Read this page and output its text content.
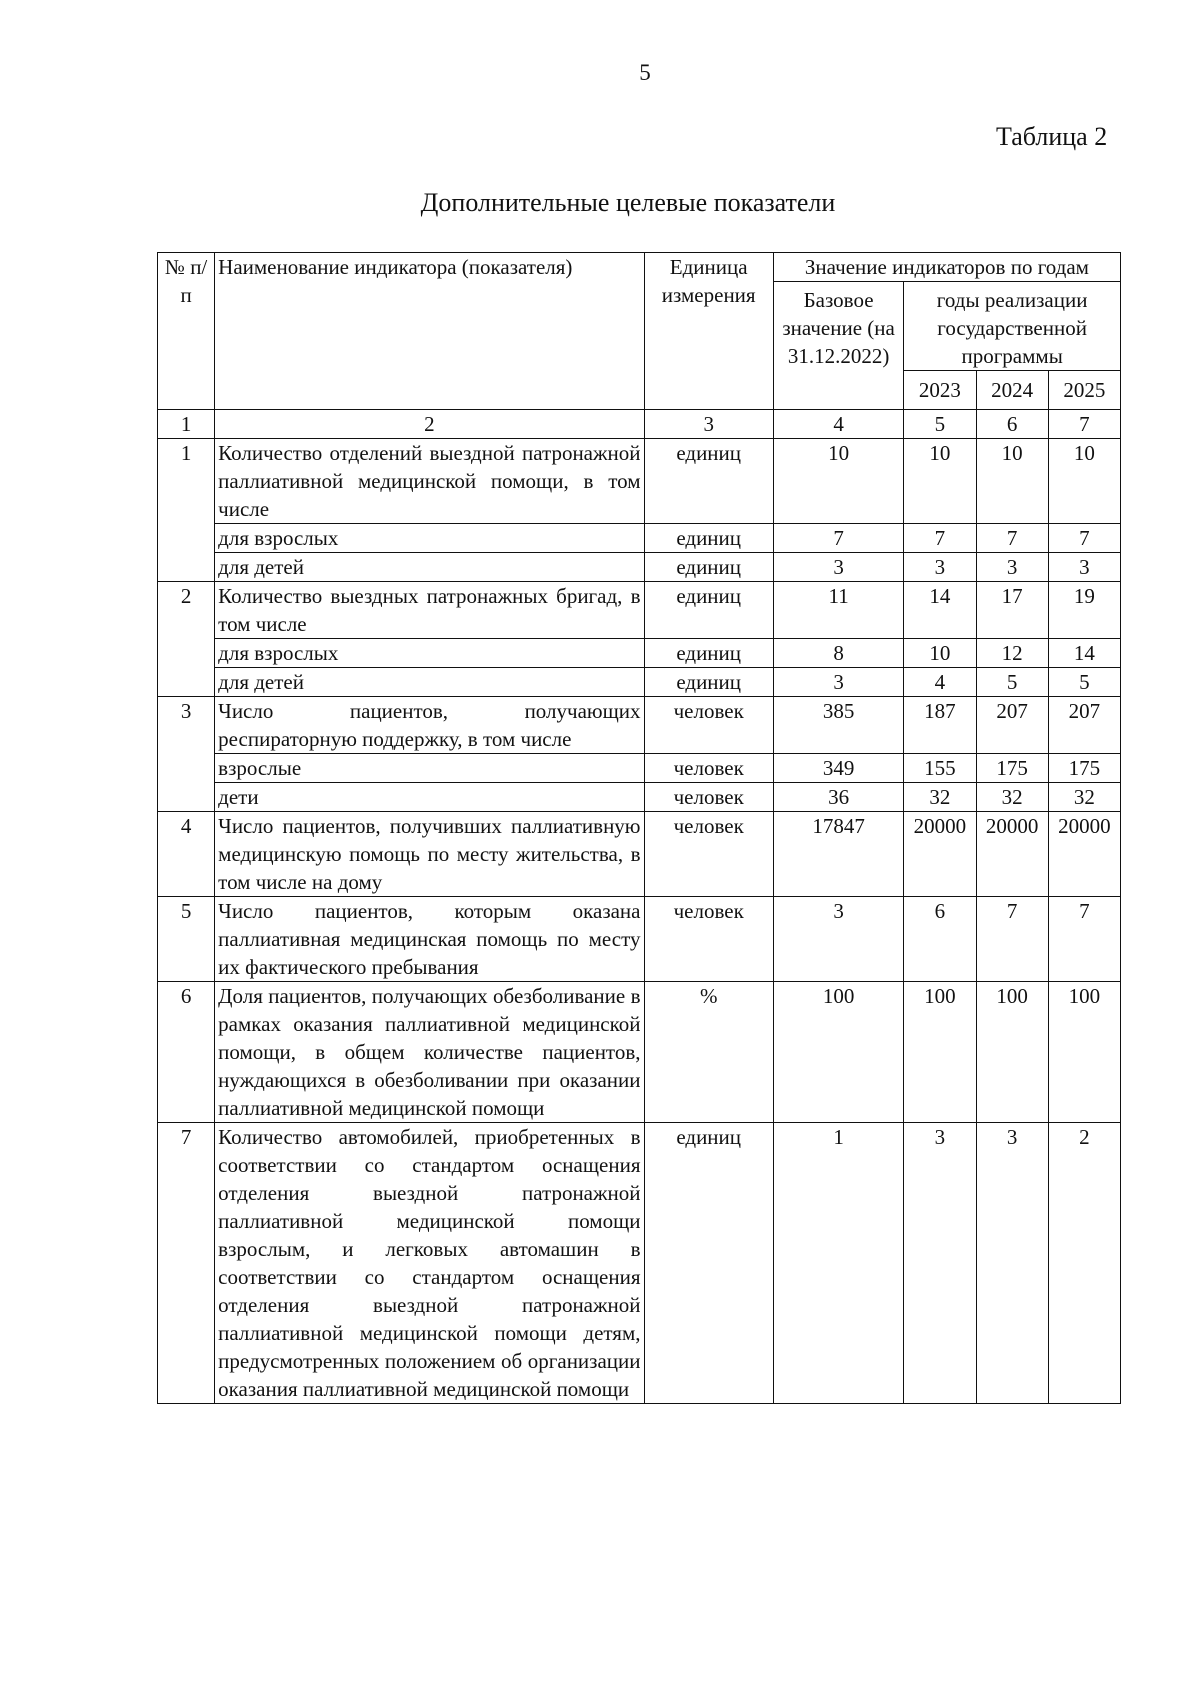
5
Таблица 2
Дополнительные целевые показатели
№ п/п	Наименование индикатора (показателя)	Единица измерения	Значение индикаторов по годам			
			Базовое значение (на 31.12.2022)	годы реализации государственной программы		
				2023	2024	2025
1	2	3	4	5	6	7
1	Количество отделений выездной патронажной паллиативной медицинской помощи, в том числе	единиц	10	10	10	10
	для взрослых	единиц	7	7	7	7
	для детей	единиц	3	3	3	3
2	Количество выездных патронажных бригад, в том числе	единиц	11	14	17	19
	для взрослых	единиц	8	10	12	14
	для детей	единиц	3	4	5	5
3	Число пациентов, получающих респираторную поддержку, в том числе	человек	385	187	207	207
	взрослые	человек	349	155	175	175
	дети	человек	36	32	32	32
4	Число пациентов, получивших паллиативную медицинскую помощь по месту жительства, в том числе на дому	человек	17847	20000	20000	20000
5	Число пациентов, которым оказана паллиативная медицинская помощь по месту их фактического пребывания	человек	3	6	7	7
6	Доля пациентов, получающих обезболивание в рамках оказания паллиативной медицинской помощи, в общем количестве пациентов, нуждающихся в обезболивании при оказании паллиативной медицинской помощи	%	100	100	100	100
7	Количество автомобилей, приобретенных в соответствии со стандартом оснащения отделения выездной патронажной паллиативной медицинской помощи взрослым, и легковых автомашин в соответствии со стандартом оснащения отделения выездной патронажной паллиативной медицинской помощи детям, предусмотренных положением об организации оказания паллиативной медицинской помощи	единиц	1	3	3	2
